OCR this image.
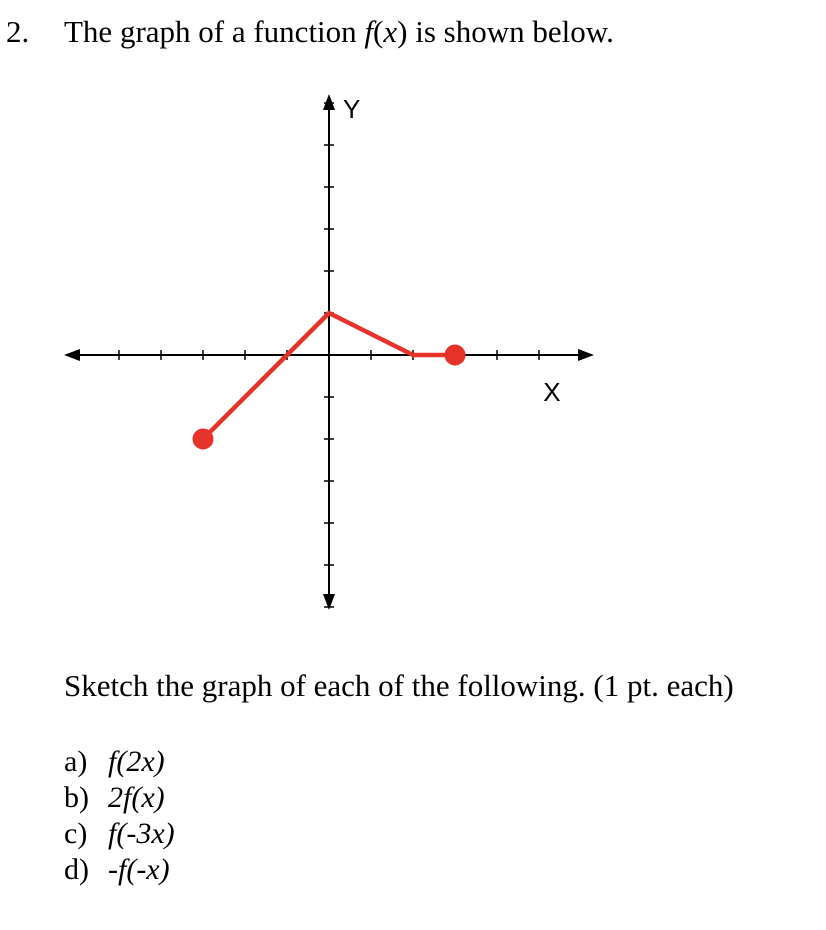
2. The graph of a function f(x) is shown below.
Y
X
Sketch the graph of each of the following. (1 pt. each)
a) f(2x)
b) 2f(x)
c) f(-3x)
d) -f(-x)
